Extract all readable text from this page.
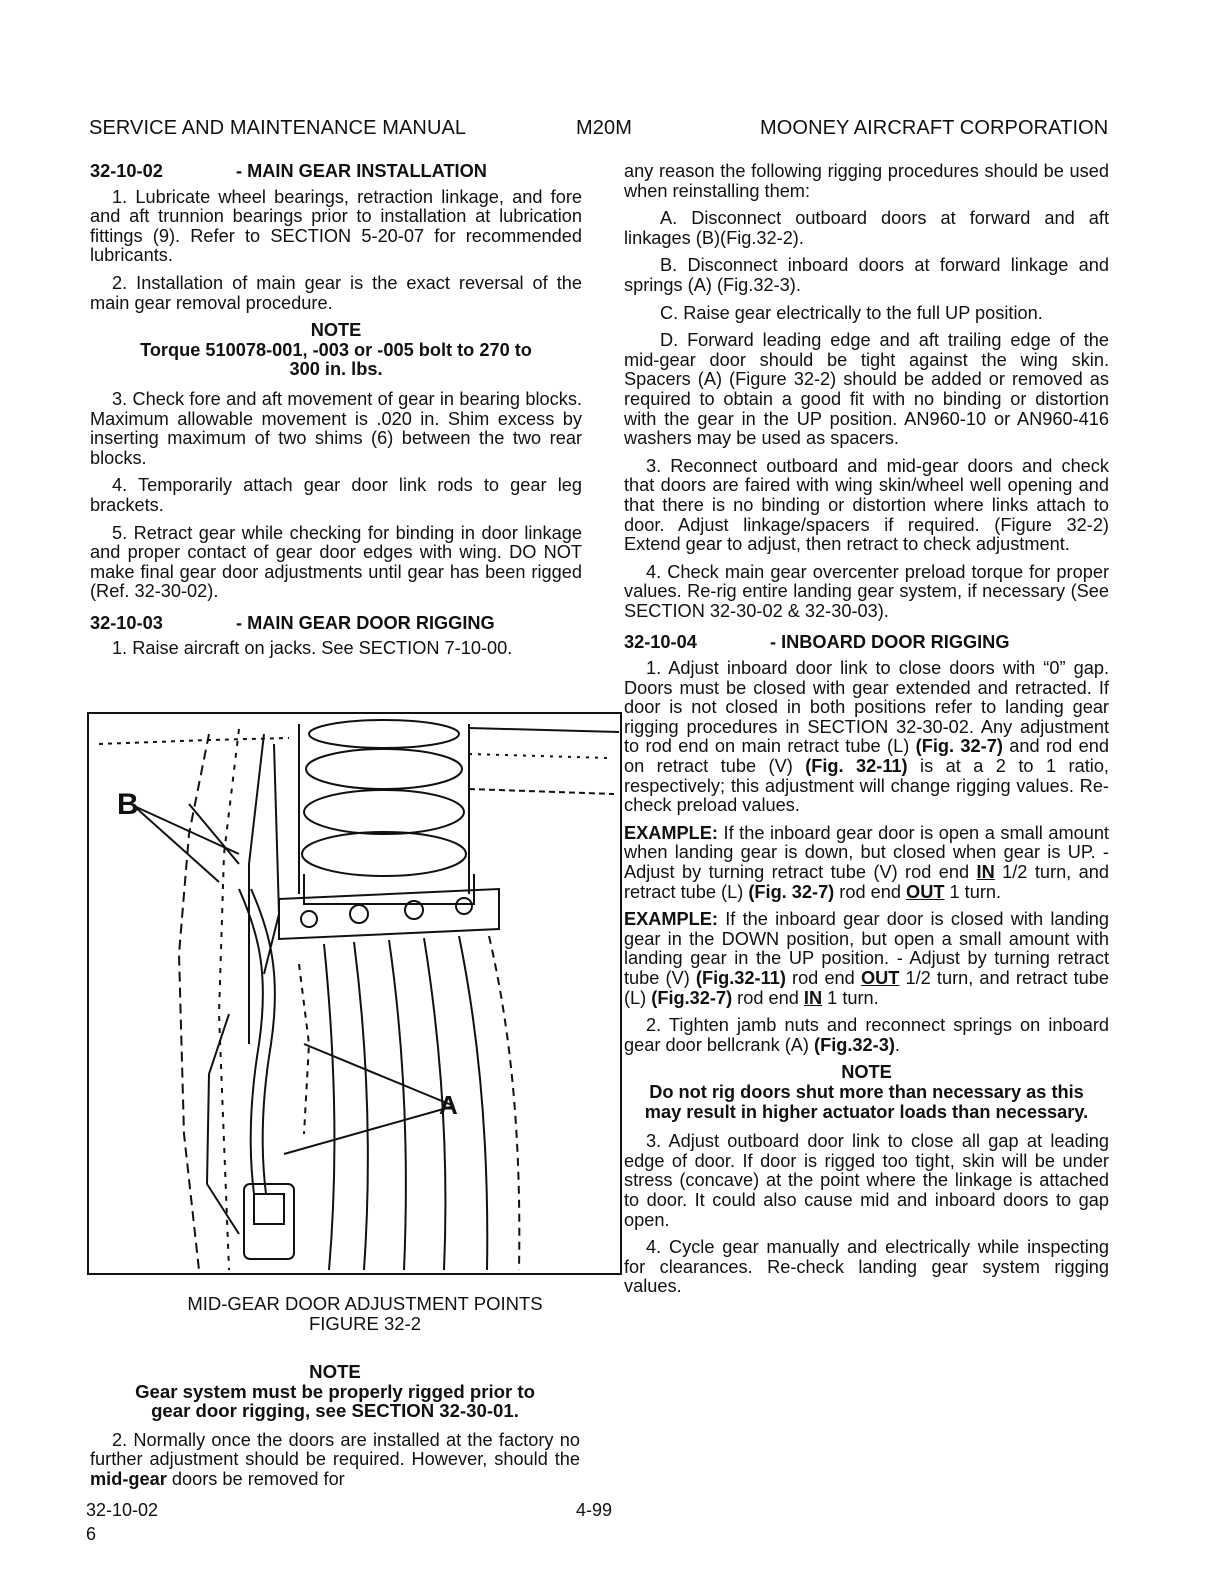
SERVICE AND MAINTENANCE MANUAL	M20M	MOONEY AIRCRAFT CORPORATION
32-10-02	- MAIN GEAR INSTALLATION

1. Lubricate wheel bearings, retraction linkage, and fore and aft trunnion bearings prior to installation at lubrication fittings (9). Refer to SECTION 5-20-07 for recommended lubricants.

2. Installation of main gear is the exact reversal of the main gear removal procedure.

NOTE
Torque 510078-001, -003 or -005 bolt to 270 to
300 in. lbs.

3. Check fore and aft movement of gear in bearing blocks. Maximum allowable movement is .020 in. Shim excess by inserting maximum of two shims (6) between the two rear blocks.

4. Temporarily attach gear door link rods to gear leg brackets.

5. Retract gear while checking for binding in door linkage and proper contact of gear door edges with wing. DO NOT make final gear door adjustments until gear has been rigged (Ref. 32-30-02).

32-10-03	- MAIN GEAR DOOR RIGGING

1. Raise aircraft on jacks. See SECTION 7-10-00.

B
A
MID-GEAR DOOR ADJUSTMENT POINTS
FIGURE 32-2
NOTE
Gear system must be properly rigged prior to
gear door rigging, see SECTION 32-30-01.

2. Normally once the doors are installed at the factory no further adjustment should be required. However, should the mid-gear doors be removed for

any reason the following rigging procedures should be used when reinstalling them:

A. Disconnect outboard doors at forward and aft linkages (B)(Fig.32-2).

B. Disconnect inboard doors at forward linkage and springs (A) (Fig.32-3).

C. Raise gear electrically to the full UP position.

D. Forward leading edge and aft trailing edge of the mid-gear door should be tight against the wing skin. Spacers (A) (Figure 32-2) should be added or removed as required to obtain a good fit with no binding or distortion with the gear in the UP position. AN960-10 or AN960-416 washers may be used as spacers.

3. Reconnect outboard and mid-gear doors and check that doors are faired with wing skin/wheel well opening and that there is no binding or distortion where links attach to door. Adjust linkage/spacers if required. (Figure 32-2) Extend gear to adjust, then retract to check adjustment.

4. Check main gear overcenter preload torque for proper values. Re-rig entire landing gear system, if necessary (See SECTION 32-30-02 & 32-30-03).

32-10-04	- INBOARD DOOR RIGGING

1. Adjust inboard door link to close doors with “0” gap. Doors must be closed with gear extended and retracted. If door is not closed in both positions refer to landing gear rigging procedures in SECTION 32-30-02. Any adjustment to rod end on main retract tube (L) (Fig. 32-7) and rod end on retract tube (V) (Fig. 32-11) is at a 2 to 1 ratio, respectively; this adjustment will change rigging values. Re-check preload values.

EXAMPLE: If the inboard gear door is open a small amount when landing gear is down, but closed when gear is UP. - Adjust by turning retract tube (V) rod end IN 1/2 turn, and retract tube (L) (Fig. 32-7) rod end OUT 1 turn.

EXAMPLE: If the inboard gear door is closed with landing gear in the DOWN position, but open a small amount with landing gear in the UP position. - Adjust by turning retract tube (V) (Fig.32-11) rod end OUT 1/2 turn, and retract tube (L) (Fig.32-7) rod end IN 1 turn.

2. Tighten jamb nuts and reconnect springs on inboard gear door bellcrank (A) (Fig.32-3).

NOTE
Do not rig doors shut more than necessary as this
may result in higher actuator loads than necessary.

3. Adjust outboard door link to close all gap at leading edge of door. If door is rigged too tight, skin will be under stress (concave) at the point where the linkage is attached to door. It could also cause mid and inboard doors to gap open.

4. Cycle gear manually and electrically while inspecting for clearances. Re-check landing gear system rigging values.

32-10-02
6
4-99
